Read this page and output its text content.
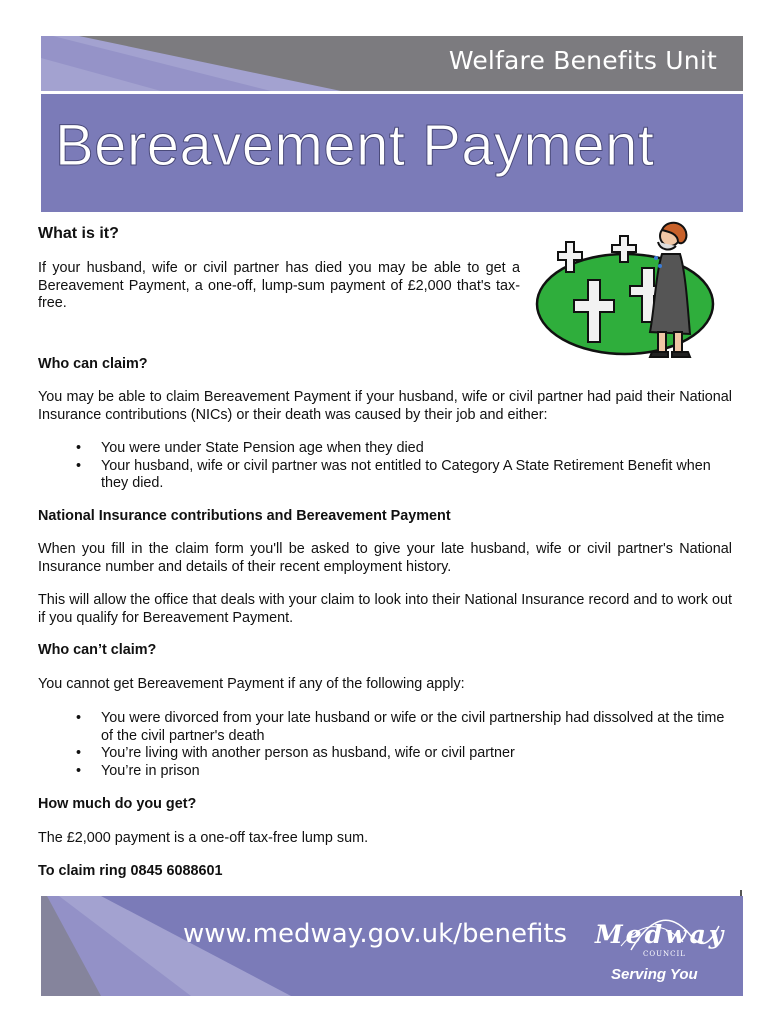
Welfare Benefits Unit
Bereavement Payment
What is it?
If your husband, wife or civil partner has died you may be able to get a Bereavement Payment, a one-off, lump-sum payment of £2,000 that's tax-free.
Who can claim?
You may be able to claim Bereavement Payment if your husband, wife or civil partner had paid their National Insurance contributions (NICs) or their death was caused by their job and either:
• You were under State Pension age when they died
• Your husband, wife or civil partner was not entitled to Category A State Retirement Benefit when they died.
National Insurance contributions and Bereavement Payment
When you fill in the claim form you'll be asked to give your late husband, wife or civil partner's National Insurance number and details of their recent employment history.
This will allow the office that deals with your claim to look into their National Insurance record and to work out if you qualify for Bereavement Payment.
Who can’t claim?
You cannot get Bereavement Payment if any of the following apply:
• You were divorced from your late husband or wife or the civil partnership had dissolved at the time of the civil partner's death
• You’re living with another person as husband, wife or civil partner
• You’re in prison
How much do you get?
The £2,000 payment is a one-off tax-free lump sum.
To claim ring 0845 6088601
www.medway.gov.uk/benefits Medway
COUNCIL
Serving You
